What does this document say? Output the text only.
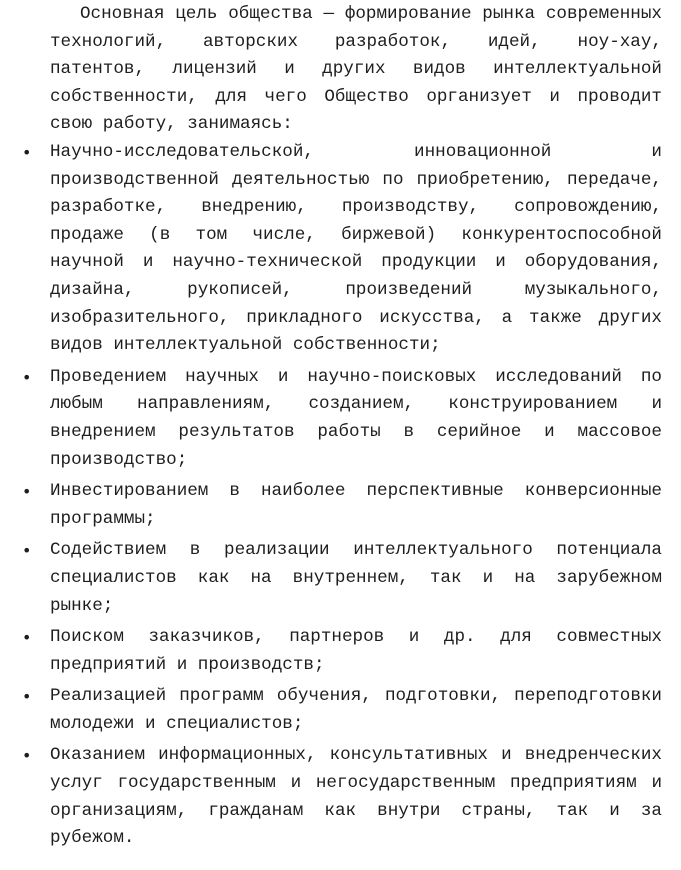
Основная цель общества — формирование рынка современных технологий, авторских разработок, идей, ноу-хау, патентов, лицензий и других видов интеллектуальной собственности, для чего Общество организует и проводит свою работу, занимаясь:

• Научно-исследовательской, инновационной и производственной деятельностью по приобретению, передаче, разработке, внедрению, производству, сопровождению, продаже (в том числе, биржевой) конкурентоспособной научной и научно-технической продукции и оборудования, дизайна, рукописей, произведений музыкального, изобразительного, прикладного искусства, а также других видов интеллектуальной собственности;
• Проведением научных и научно-поисковых исследований по любым направлениям, созданием, конструированием и внедрением результатов работы в серийное и массовое производство;
• Инвестированием в наиболее перспективные конверсионные программы;
• Содействием в реализации интеллектуального потенциала специалистов как на внутреннем, так и на зарубежном рынке;
• Поиском заказчиков, партнеров и др. для совместных предприятий и производств;
• Реализацией программ обучения, подготовки, переподготовки молодежи и специалистов;
• Оказанием информационных, консультативных и внедренческих услуг государственным и негосударственным предприятиям и организациям, гражданам как внутри страны, так и за рубежом.
